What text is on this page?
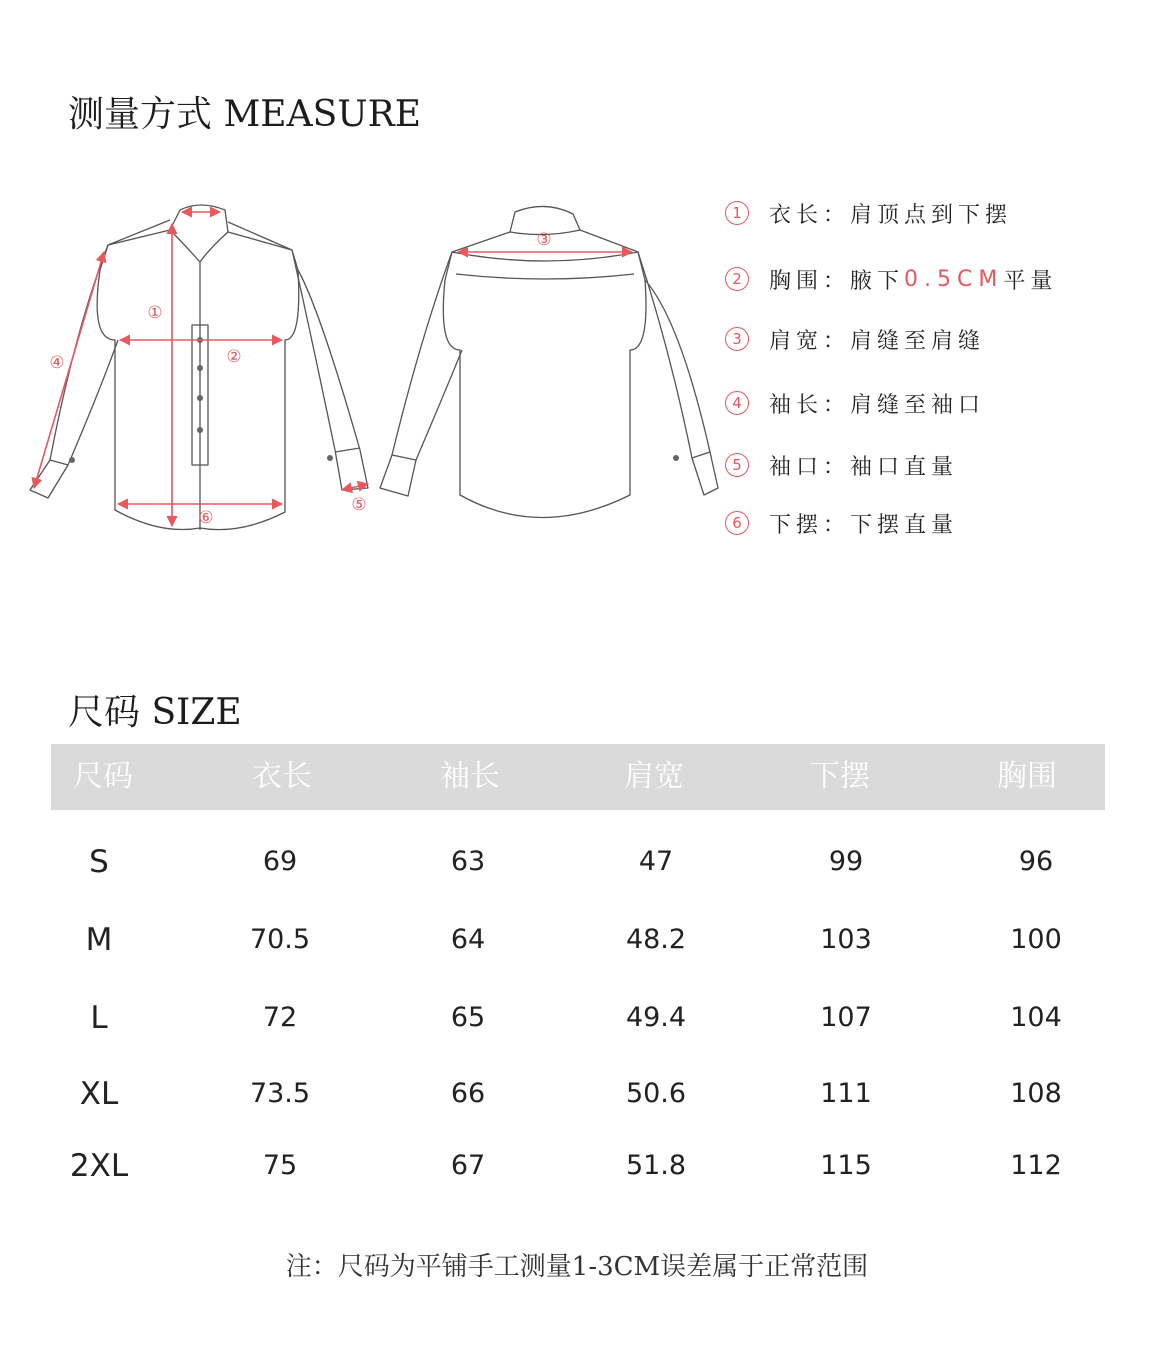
测量方式 MEASURE
①
②
③
④
⑤
⑥
1	衣长： 肩顶点到下摆
2	胸围： 腋下 0.5CM 平量
3	肩宽： 肩缝至肩缝
4	袖长： 肩缝至袖口
5	袖口： 袖口直量
6	下摆： 下摆直量
尺码 SIZE
尺码	衣长	袖长	肩宽	下摆	胸围
S	69	63	47	99	96
M	70.5	64	48.2	103	100
L	72	65	49.4	107	104
XL	73.5	66	50.6	111	108
2XL	75	67	51.8	115	112
注：尺码为平铺手工测量1-3CM误差属于正常范围
